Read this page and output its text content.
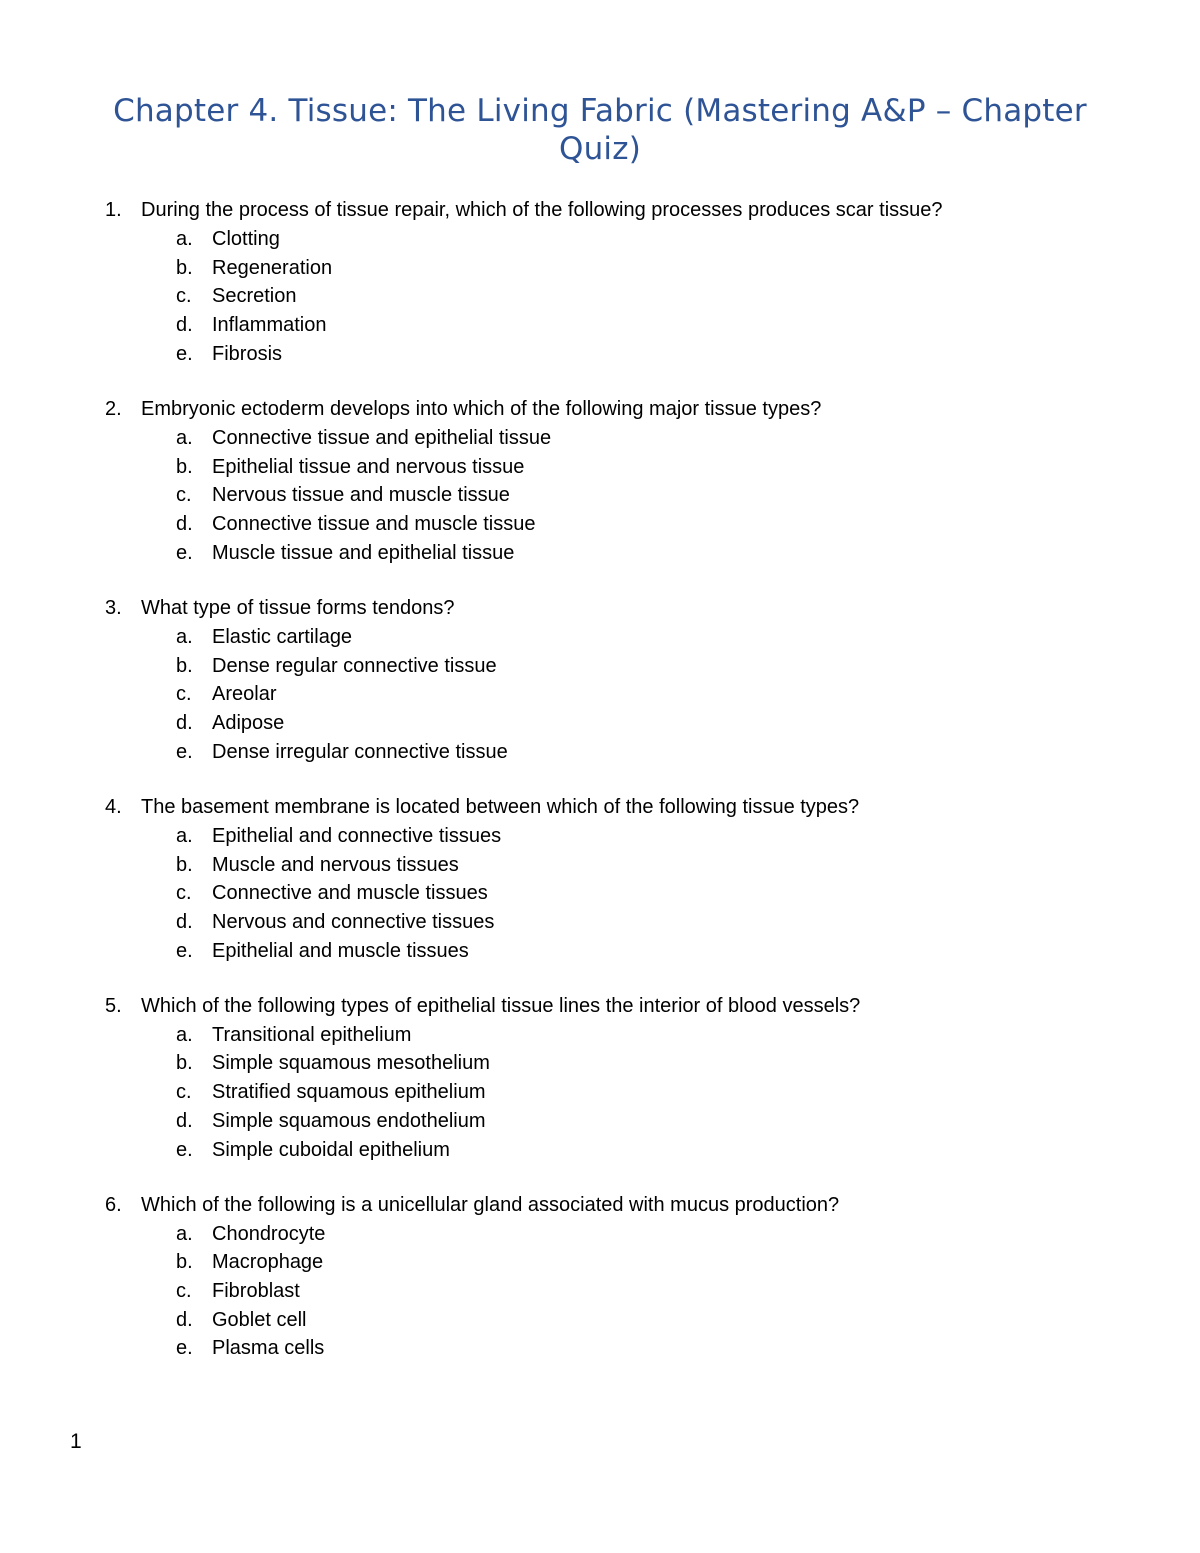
Chapter 4. Tissue: The Living Fabric (Mastering A&P – Chapter
Quiz)
1. During the process of tissue repair, which of the following processes produces scar tissue?
a. Clotting
b. Regeneration
c.	Secretion
d. Inflammation
e. Fibrosis
2. Embryonic ectoderm develops into which of the following major tissue types?
a. Connective tissue and epithelial tissue
b. Epithelial tissue and nervous tissue
c.	Nervous tissue and muscle tissue
d. Connective tissue and muscle tissue
e. Muscle tissue and epithelial tissue
3. What type of tissue forms tendons?
a. Elastic cartilage
b. Dense regular connective tissue
c.	Areolar
d. Adipose
e. Dense irregular connective tissue
4. The basement membrane is located between which of the following tissue types?
a. Epithelial and connective tissues
b. Muscle and nervous tissues
c.	Connective and muscle tissues
d. Nervous and connective tissues
e. Epithelial and muscle tissues
5. Which of the following types of epithelial tissue lines the interior of blood vessels?
a. Transitional epithelium
b. Simple squamous mesothelium
c.	Stratified squamous epithelium
d. Simple squamous endothelium
e. Simple cuboidal epithelium
6. Which of the following is a unicellular gland associated with mucus production?
a. Chondrocyte
b. Macrophage
c.	Fibroblast
d. Goblet cell
e. Plasma cells
1
